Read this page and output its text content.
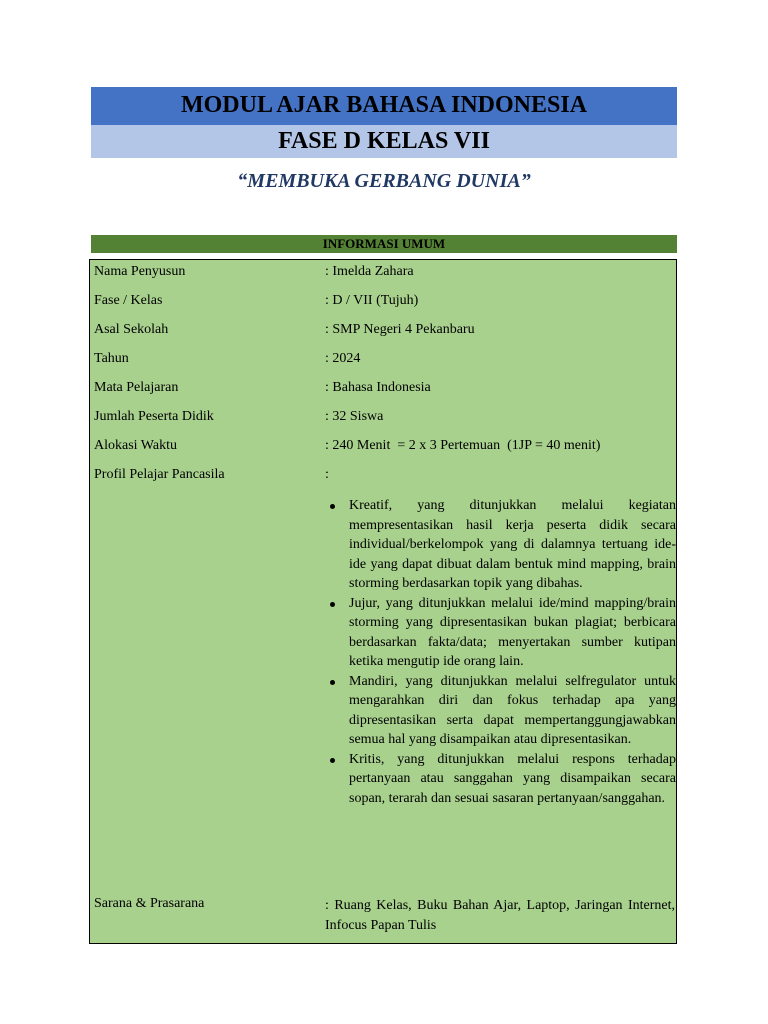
MODUL AJAR BAHASA INDONESIA
FASE D KELAS VII
“MEMBUKA GERBANG DUNIA”
INFORMASI UMUM
Nama Penyusun	: Imelda Zahara
Fase / Kelas	: D / VII (Tujuh)
Asal Sekolah	: SMP Negeri 4 Pekanbaru
Tahun	: 2024
Mata Pelajaran	: Bahasa Indonesia
Jumlah Peserta Didik	: 32 Siswa
Alokasi Waktu	: 240 Menit  = 2 x 3 Pertemuan  (1JP = 40 menit)
Profil Pelajar Pancasila	:
Kreatif, yang ditunjukkan melalui kegiatan mempresentasikan hasil kerja peserta didik secara individual/berkelompok yang di dalamnya tertuang ide-ide yang dapat dibuat dalam bentuk mind mapping, brain storming berdasarkan topik yang dibahas.
Jujur, yang ditunjukkan melalui ide/mind mapping/brain storming yang dipresentasikan bukan plagiat; berbicara berdasarkan fakta/data; menyertakan sumber kutipan ketika mengutip ide orang lain.
Mandiri, yang ditunjukkan melalui selfregulator untuk mengarahkan diri dan fokus terhadap apa yang dipresentasikan serta dapat mempertanggungjawabkan semua hal yang disampaikan atau dipresentasikan.
Kritis, yang ditunjukkan melalui respons terhadap pertanyaan atau sanggahan yang disampaikan secara sopan, terarah dan sesuai sasaran pertanyaan/sanggahan.
Sarana & Prasarana	: Ruang Kelas, Buku Bahan Ajar, Laptop, Jaringan Internet, Infocus Papan Tulis
